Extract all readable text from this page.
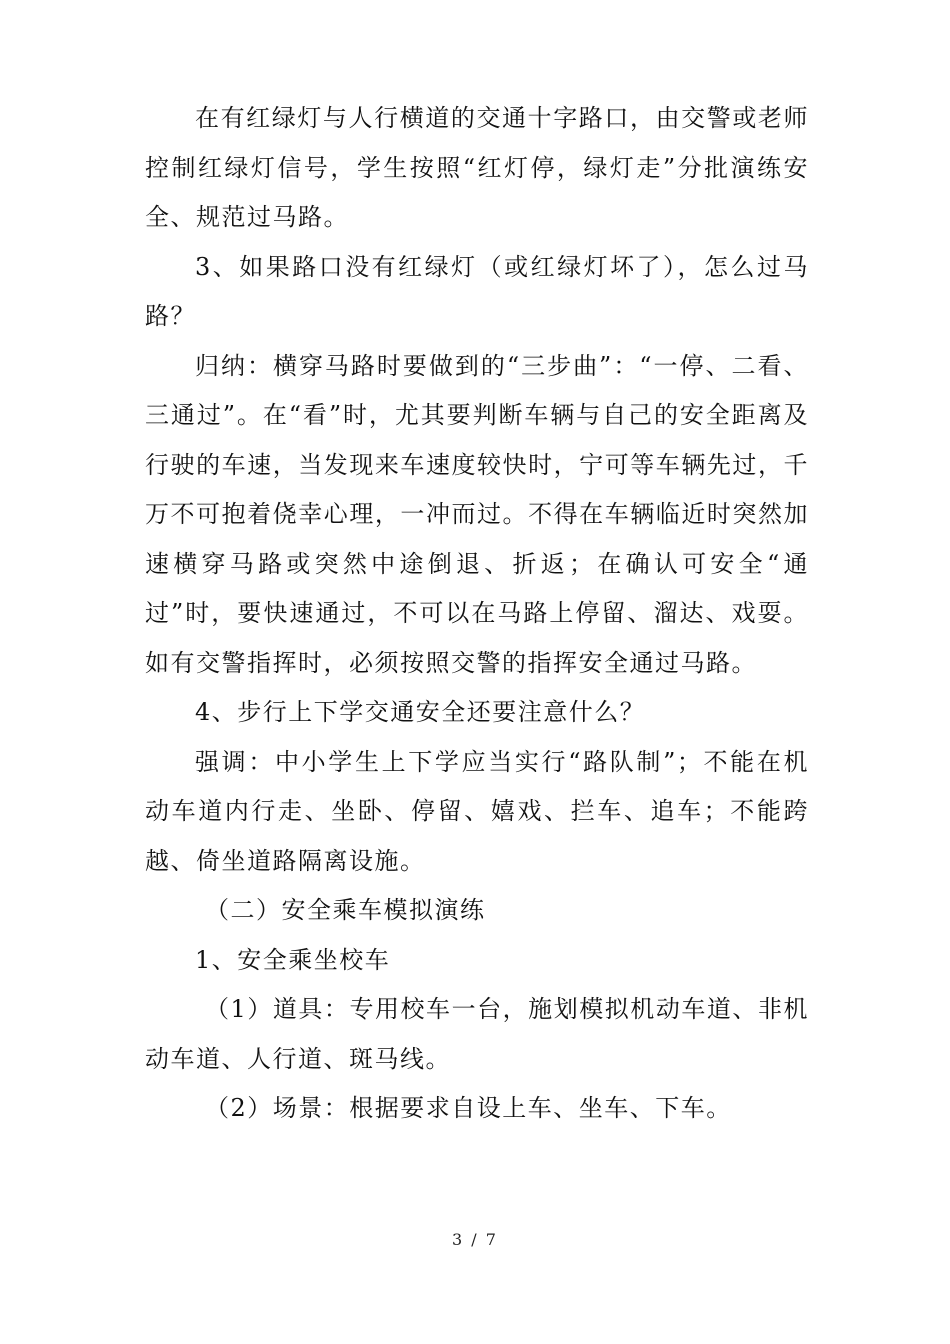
在有红绿灯与人行横道的交通十字路口，由交警或老师控制红绿灯信号，学生按照“红灯停，绿灯走”分批演练安全、规范过马路。

3、如果路口没有红绿灯（或红绿灯坏了），怎么过马路？

归纳：横穿马路时要做到的“三步曲”：“一停、二看、三通过”。在“看”时，尤其要判断车辆与自己的安全距离及行驶的车速，当发现来车速度较快时，宁可等车辆先过，千万不可抱着侥幸心理，一冲而过。不得在车辆临近时突然加速横穿马路或突然中途倒退、折返；在确认可安全“通过”时，要快速通过，不可以在马路上停留、溜达、戏耍。如有交警指挥时，必须按照交警的指挥安全通过马路。

4、步行上下学交通安全还要注意什么？

强调：中小学生上下学应当实行“路队制”；不能在机动车道内行走、坐卧、停留、嬉戏、拦车、追车；不能跨越、倚坐道路隔离设施。

（二）安全乘车模拟演练

1、安全乘坐校车

（1）道具：专用校车一台，施划模拟机动车道、非机动车道、人行道、斑马线。

（2）场景：根据要求自设上车、坐车、下车。

3 / 7
